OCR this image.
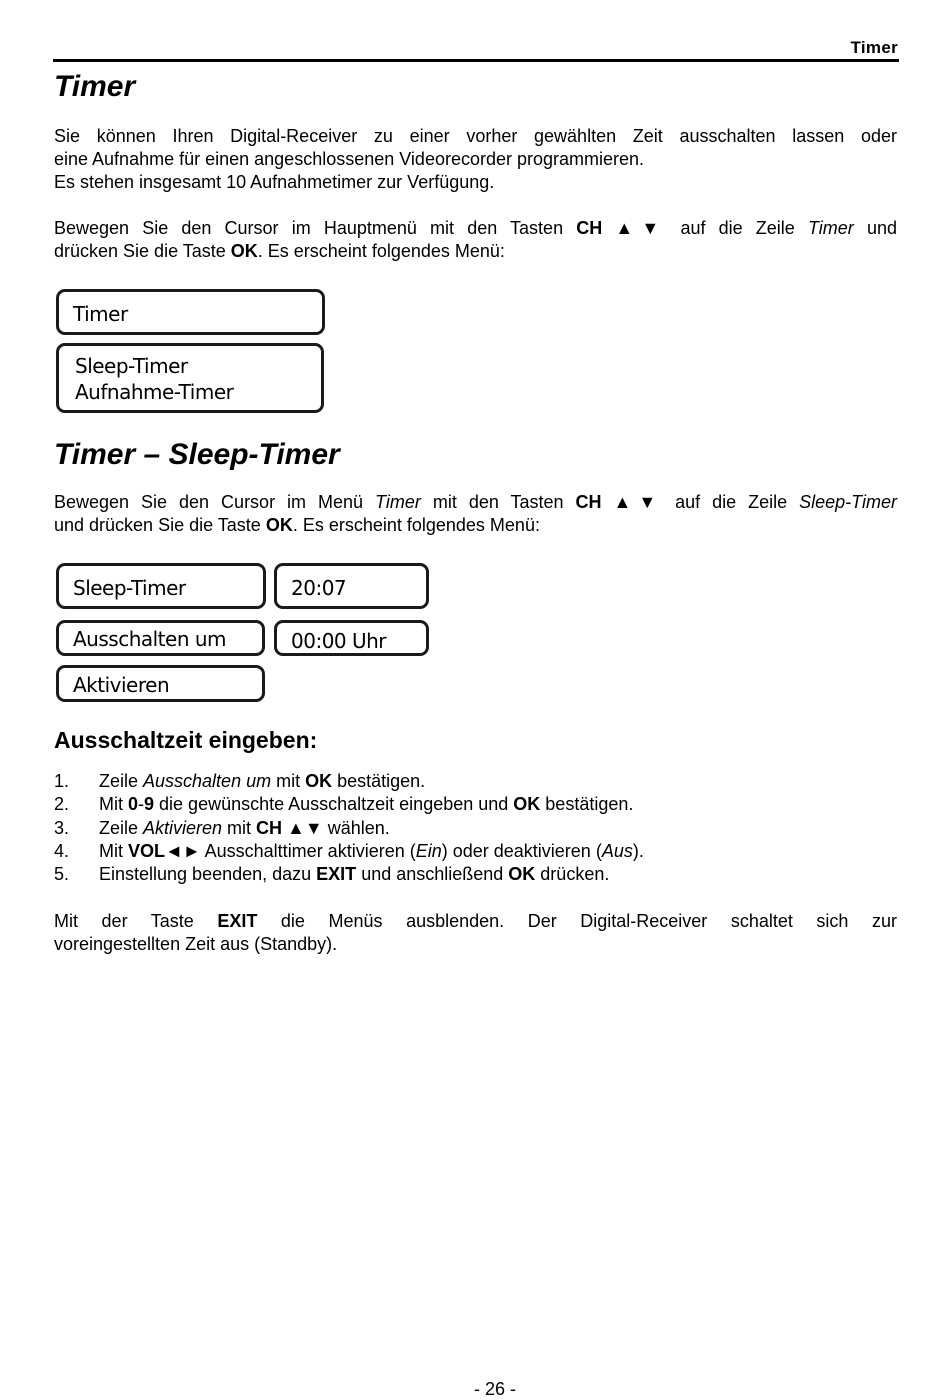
Timer
Timer
Sie können Ihren Digital-Receiver zu einer vorher gewählten Zeit ausschalten lassen oder
eine Aufnahme für einen angeschlossenen Videorecorder programmieren.
Es stehen insgesamt 10 Aufnahmetimer zur Verfügung.
Bewegen Sie den Cursor im Hauptmenü mit den Tasten CH ▲▼ auf die Zeile Timer und
drücken Sie die Taste OK. Es erscheint folgendes Menü:
Timer
Sleep-Timer
Aufnahme-Timer
Timer – Sleep-Timer
Bewegen Sie den Cursor im Menü Timer mit den Tasten CH ▲▼ auf die Zeile Sleep-Timer
und drücken Sie die Taste OK. Es erscheint folgendes Menü:
Sleep-Timer	20:07
Ausschalten um	00:00 Uhr
Aktivieren
Ausschaltzeit eingeben:
1. Zeile Ausschalten um mit OK bestätigen.
2. Mit 0-9 die gewünschte Ausschaltzeit eingeben und OK bestätigen.
3. Zeile Aktivieren mit CH ▲▼ wählen.
4. Mit VOL◄► Ausschalttimer aktivieren (Ein) oder deaktivieren (Aus).
5. Einstellung beenden, dazu EXIT und anschließend OK drücken.
Mit der Taste EXIT die Menüs ausblenden. Der Digital-Receiver schaltet sich zur
voreingestellten Zeit aus (Standby).
- 26 -
